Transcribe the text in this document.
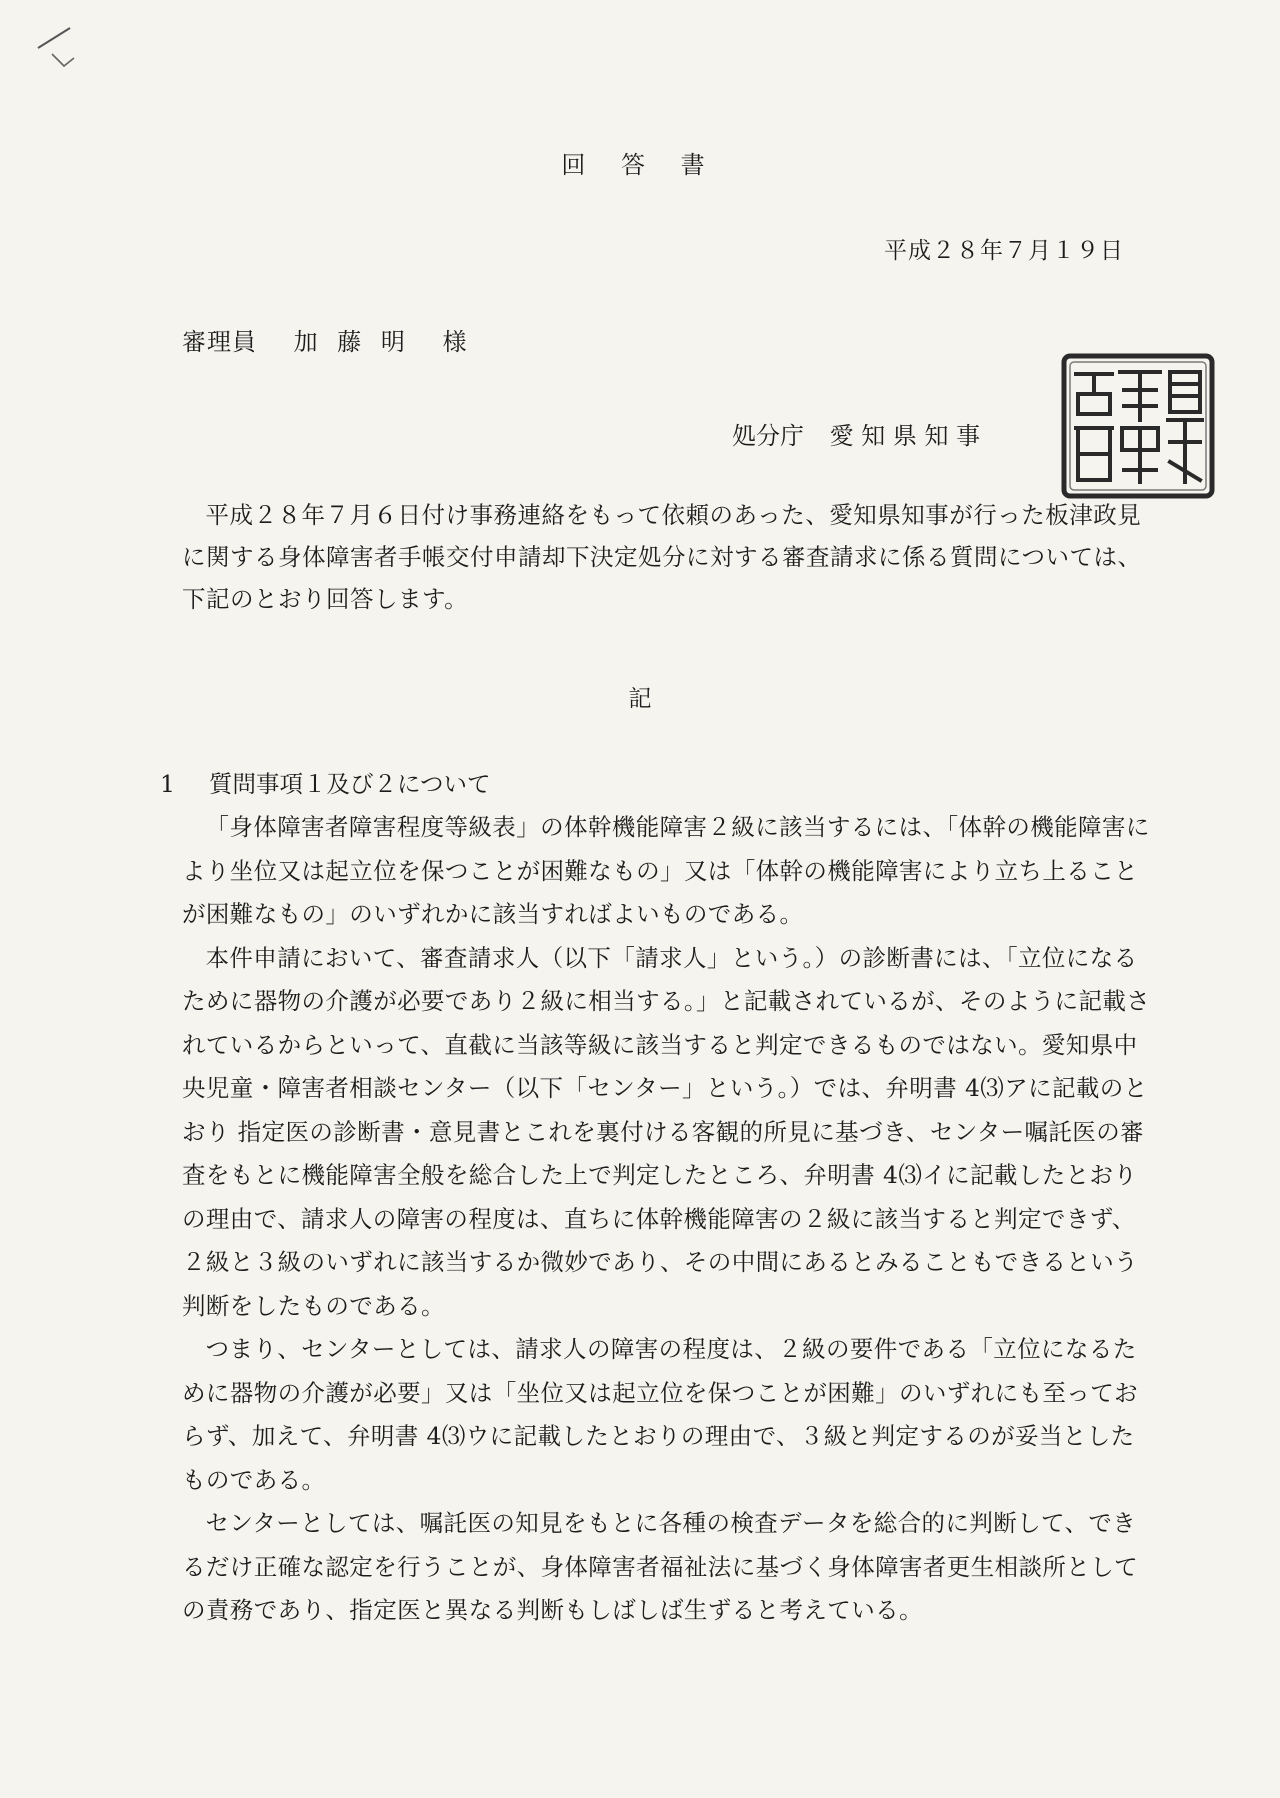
回 答 書
平成２８年７月１９日
審理員 加 藤 明 様
処分庁 愛 知 県 知 事
平成２８年７月６日付け事務連絡をもって依頼のあった、愛知県知事が行った板津政見に関する身体障害者手帳交付申請却下決定処分に対する審査請求に係る質問については、下記のとおり回答します。
記
1 質問事項１及び２について

「身体障害者障害程度等級表」の体幹機能障害２級に該当するには、「体幹の機能障害により坐位又は起立位を保つことが困難なもの」又は「体幹の機能障害により立ち上ることが困難なもの」のいずれかに該当すればよいものである。

本件申請において、審査請求人（以下「請求人」という。）の診断書には、「立位になるために器物の介護が必要であり２級に相当する。」と記載されているが、そのように記載されているからといって、直截に当該等級に該当すると判定できるものではない。愛知県中央児童・障害者相談センター（以下「センター」という。）では、弁明書 4⑶アに記載のとおり 指定医の診断書・意見書とこれを裏付ける客観的所見に基づき、センター嘱託医の審査をもとに機能障害全般を総合した上で判定したところ、弁明書 4⑶イに記載したとおりの理由で、請求人の障害の程度は、直ちに体幹機能障害の２級に該当すると判定できず、２級と３級のいずれに該当するか微妙であり、その中間にあるとみることもできるという判断をしたものである。

つまり、センターとしては、請求人の障害の程度は、２級の要件である「立位になるために器物の介護が必要」又は「坐位又は起立位を保つことが困難」のいずれにも至っておらず、加えて、弁明書 4⑶ウに記載したとおりの理由で、３級と判定するのが妥当としたものである。

センターとしては、嘱託医の知見をもとに各種の検査データを総合的に判断して、できるだけ正確な認定を行うことが、身体障害者福祉法に基づく身体障害者更生相談所としての責務であり、指定医と異なる判断もしばしば生ずると考えている。
